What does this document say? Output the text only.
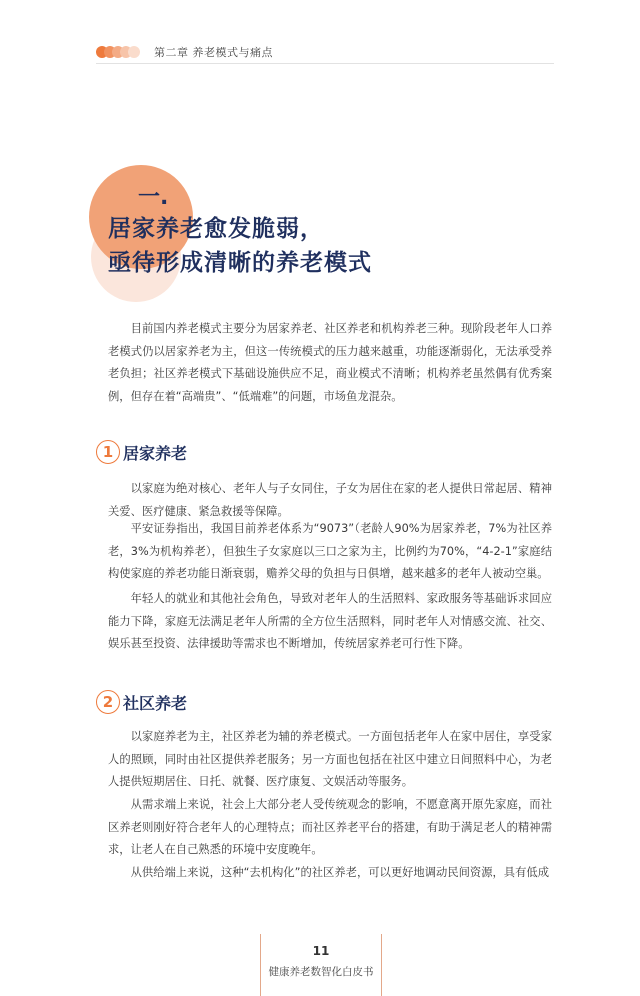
第二章 养老模式与痛点
一.
居家养老愈发脆弱，
亟待形成清晰的养老模式

目前国内养老模式主要分为居家养老、社区养老和机构养老三种。现阶段老年人口养老模式仍以居家养老为主，但这一传统模式的压力越来越重，功能逐渐弱化，无法承受养老负担；社区养老模式下基础设施供应不足，商业模式不清晰；机构养老虽然偶有优秀案例，但存在着“高端贵”、“低端难”的问题，市场鱼龙混杂。

1 居家养老

以家庭为绝对核心、老年人与子女同住，子女为居住在家的老人提供日常起居、精神关爱、医疗健康、紧急救援等保障。

平安证券指出，我国目前养老体系为“9073”（老龄人90%为居家养老，7%为社区养老，3%为机构养老），但独生子女家庭以三口之家为主，比例约为70%，“4-2-1”家庭结构使家庭的养老功能日渐衰弱，赡养父母的负担与日俱增，越来越多的老年人被动空巢。

年轻人的就业和其他社会角色，导致对老年人的生活照料、家政服务等基础诉求回应能力下降，家庭无法满足老年人所需的全方位生活照料，同时老年人对情感交流、社交、娱乐甚至投资、法律援助等需求也不断增加，传统居家养老可行性下降。

2 社区养老

以家庭养老为主，社区养老为辅的养老模式。一方面包括老年人在家中居住，享受家人的照顾，同时由社区提供养老服务；另一方面也包括在社区中建立日间照料中心，为老人提供短期居住、日托、就餐、医疗康复、文娱活动等服务。

从需求端上来说，社会上大部分老人受传统观念的影响，不愿意离开原先家庭，而社区养老则刚好符合老年人的心理特点；而社区养老平台的搭建，有助于满足老人的精神需求，让老人在自己熟悉的环境中安度晚年。

从供给端上来说，这种“去机构化”的社区养老，可以更好地调动民间资源，具有低成

11
健康养老数智化白皮书
